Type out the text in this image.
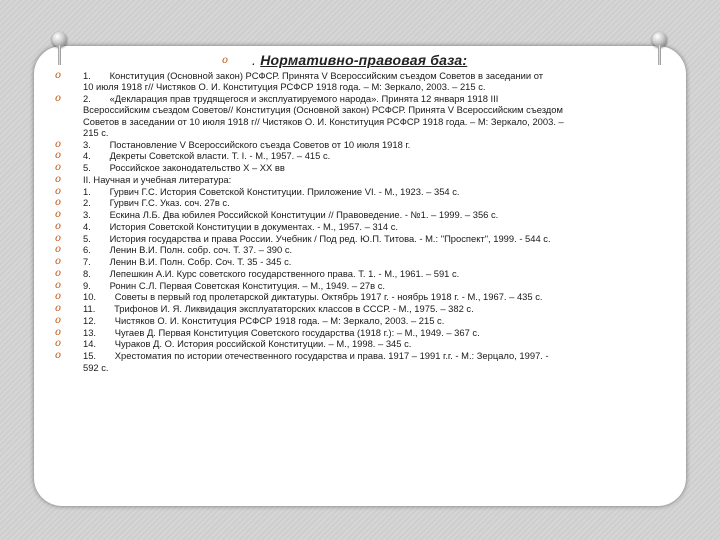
o . Нормативно-правовая база:
o 1.  Конституция (Основной закон) РСФСР. Принята V Всероссийским съездом Советов в заседании от
10 июля 1918 г// Чистяков О. И. Конституция РСФСР 1918 года. – М: Зеркало, 2003. – 215 с.
o 2.  «Декларация прав трудящегося и эксплуатируемого народа». Принята 12 января 1918 III
Всероссийским съездом Советов// Конституция (Основной закон) РСФСР. Принята V Всероссийским съездом
Советов в заседании от 10 июля 1918 г// Чистяков О. И. Конституция РСФСР 1918 года. – М: Зеркало, 2003. –
215 с.
o 3.  Постановление V Всероссийского съезда Советов от 10 июля 1918 г.
o 4.  Декреты Советской власти. Т. I. - М., 1957. – 415 с.
o 5.  Российское законодательство X – XX вв
o II. Научная и учебная литература:
o 1.  Гурвич Г.С. История Советской Конституции. Приложение VI. - М., 1923. – 354 с.
o 2.  Гурвич Г.С. Указ. соч. 27в с.
o 3.  Ескина Л.Б. Два юбилея Российской Конституции // Правоведение. - №1. – 1999. – 356 с.
o 4.  История Советской Конституции в документах. - М., 1957. – 314 с.
o 5.  История государства и права России. Учебник / Под ред. Ю.П. Титова. - М.: "Проспект", 1999. - 544 с.
o 6.  Ленин В.И. Полн. собр. соч. Т. 37. – 390 с.
o 7.  Ленин В.И. Полн. Собр. Соч. Т. 35 - 345 с.
o 8.  Лепешкин А.И. Курс советского государственного права. Т. 1. - М., 1961. – 591 с.
o 9.  Ронин С.Л. Первая Советская Конституция. – М., 1949. – 27в с.
o 10.  Советы в первый год пролетарской диктатуры. Октябрь 1917 г. - ноябрь 1918 г. - М., 1967. – 435 с.
o 11.  Трифонов И. Я. Ликвидация эксплуататорских классов в СССР. - М., 1975. – 382 с.
o 12.  Чистяков О. И. Конституция РСФСР 1918 года. – М: Зеркало, 2003. – 215 с.
o 13.  Чугаев Д. Первая Конституция Советского государства (1918 г.): – М., 1949. – 367 с.
o 14.  Чураков Д. О. История российской Конституции. – М., 1998. – 345 с.
o 15.  Хрестоматия по истории отечественного государства и права. 1917 – 1991 г.г. - М.: Зерцало, 1997. -
592 с.
